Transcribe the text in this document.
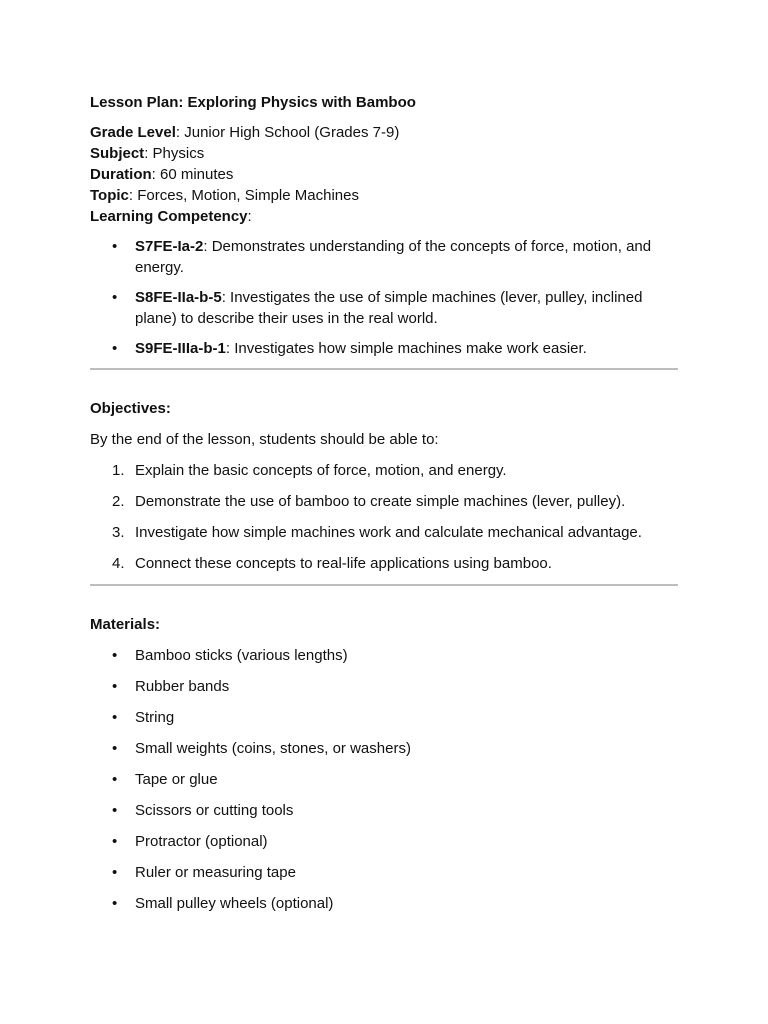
Lesson Plan: Exploring Physics with Bamboo

Grade Level: Junior High School (Grades 7-9)

Subject: Physics

Duration: 60 minutes

Topic: Forces, Motion, Simple Machines

Learning Competency:

• S7FE-Ia-2: Demonstrates understanding of the concepts of force, motion, and energy.
• S8FE-IIa-b-5: Investigates the use of simple machines (lever, pulley, inclined plane) to describe their uses in the real world.
• S9FE-IIIa-b-1: Investigates how simple machines make work easier.

Objectives:

By the end of the lesson, students should be able to:

1. Explain the basic concepts of force, motion, and energy.
2. Demonstrate the use of bamboo to create simple machines (lever, pulley).
3. Investigate how simple machines work and calculate mechanical advantage.
4. Connect these concepts to real-life applications using bamboo.

Materials:

• Bamboo sticks (various lengths)
• Rubber bands
• String
• Small weights (coins, stones, or washers)
• Tape or glue
• Scissors or cutting tools
• Protractor (optional)
• Ruler or measuring tape
• Small pulley wheels (optional)
